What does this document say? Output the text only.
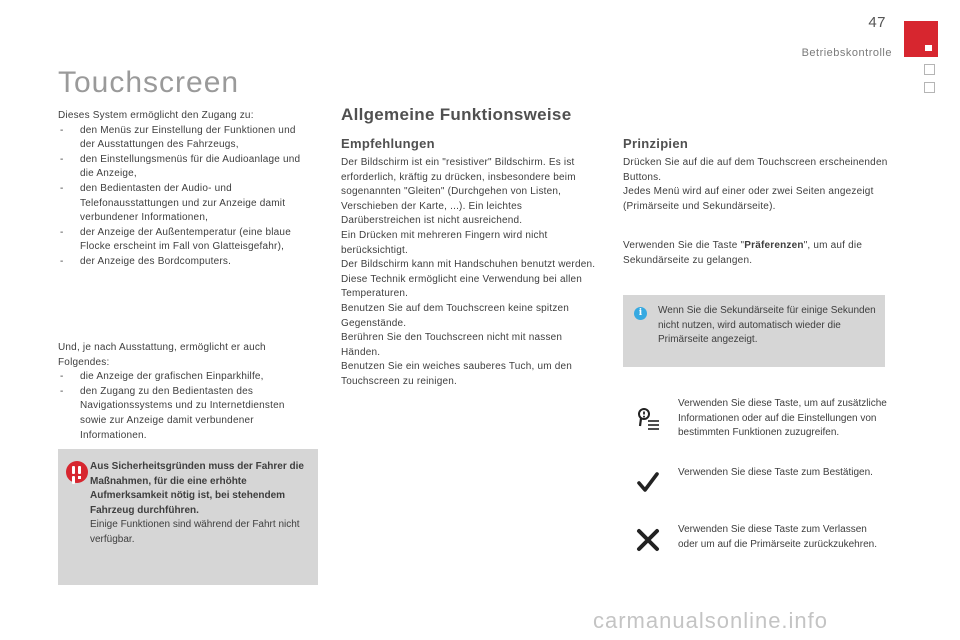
47
Betriebskontrolle
Touchscreen
Dieses System ermöglicht den Zugang zu:
- den Menüs zur Einstellung der Funktionen und der Ausstattungen des Fahrzeugs,
- den Einstellungsmenüs für die Audioanlage und die Anzeige,
- den Bedientasten der Audio- und Telefonausstattungen und zur Anzeige damit verbundener Informationen,
- der Anzeige der Außentemperatur (eine blaue Flocke erscheint im Fall von Glatteisgefahr),
- der Anzeige des Bordcomputers.
Und, je nach Ausstattung, ermöglicht er auch Folgendes:
- die Anzeige der grafischen Einparkhilfe,
- den Zugang zu den Bedientasten des Navigationssystems und zu Internetdiensten sowie zur Anzeige damit verbundener Informationen.
Aus Sicherheitsgründen muss der Fahrer die Maßnahmen, für die eine erhöhte Aufmerksamkeit nötig ist, bei stehendem Fahrzeug durchführen.
Einige Funktionen sind während der Fahrt nicht verfügbar.
Allgemeine Funktionsweise
Empfehlungen	Prinzipien
Der Bildschirm ist ein "resistiver" Bildschirm. Es ist erforderlich, kräftig zu drücken, insbesondere beim sogenannten "Gleiten" (Durchgehen von Listen, Verschieben der Karte, ...). Ein leichtes Darüberstreichen ist nicht ausreichend.
Ein Drücken mit mehreren Fingern wird nicht berücksichtigt.
Der Bildschirm kann mit Handschuhen benutzt werden. Diese Technik ermöglicht eine Verwendung bei allen Temperaturen.
Benutzen Sie auf dem Touchscreen keine spitzen Gegenstände.
Berühren Sie den Touchscreen nicht mit nassen Händen.
Benutzen Sie ein weiches sauberes Tuch, um den Touchscreen zu reinigen.
Drücken Sie auf die auf dem Touchscreen erscheinenden Buttons.
Jedes Menü wird auf einer oder zwei Seiten angezeigt (Primärseite und Sekundärseite).
Verwenden Sie die Taste "Präferenzen", um auf die Sekundärseite zu gelangen.
i	Wenn Sie die Sekundärseite für einige Sekunden nicht nutzen, wird automatisch wieder die Primärseite angezeigt.
Verwenden Sie diese Taste, um auf zusätzliche Informationen oder auf die Einstellungen von bestimmten Funktionen zuzugreifen.
Verwenden Sie diese Taste zum Bestätigen.
Verwenden Sie diese Taste zum Verlassen oder um auf die Primärseite zurückzukehren.
carmanualsonline.info
